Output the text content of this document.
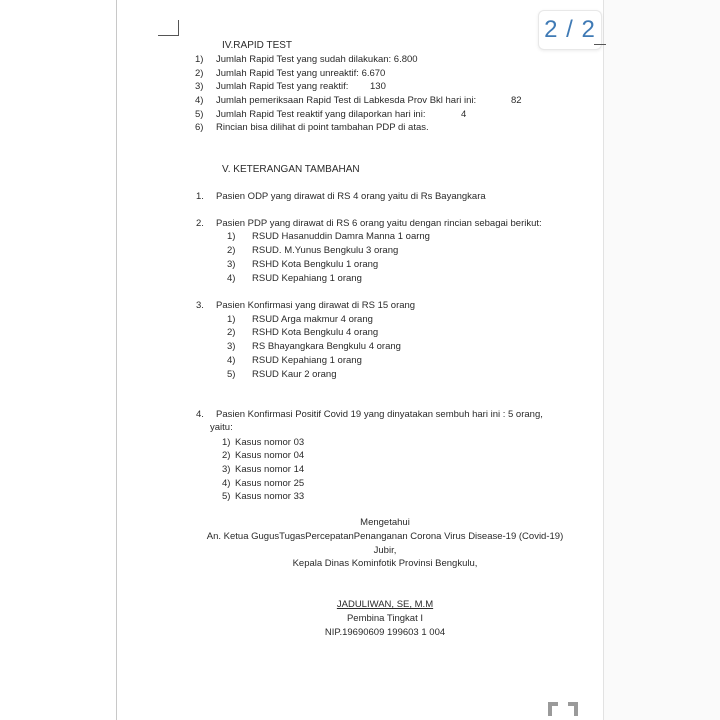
2 / 2
IV.RAPID TEST
1) Jumlah Rapid Test yang sudah dilakukan: 6.800
2) Jumlah Rapid Test yang unreaktif: 6.670
3) Jumlah Rapid Test yang reaktif: 130
4) Jumlah pemeriksaan Rapid Test di Labkesda Prov Bkl hari ini:	82
5) Jumlah Rapid Test reaktif yang dilaporkan hari ini:	4
6) Rincian bisa dilihat di point tambahan PDP di atas.
V. KETERANGAN TAMBAHAN
1. Pasien ODP yang dirawat di RS 4 orang yaitu di Rs Bayangkara
2. Pasien PDP yang dirawat di RS 6 orang yaitu dengan rincian sebagai berikut:
1) RSUD Hasanuddin Damra Manna 1 oarng
2) RSUD. M.Yunus Bengkulu 3 orang
3) RSHD Kota Bengkulu 1 orang
4) RSUD Kepahiang 1 orang
3. Pasien Konfirmasi yang dirawat di RS 15 orang
1) RSUD Arga makmur 4 orang
2) RSHD Kota Bengkulu 4 orang
3) RS Bhayangkara Bengkulu 4 orang
4) RSUD Kepahiang 1 orang
5) RSUD Kaur 2 orang
4. Pasien Konfirmasi Positif Covid 19 yang dinyatakan sembuh hari ini : 5 orang,
yaitu:
1) Kasus nomor 03
2) Kasus nomor 04
3) Kasus nomor 14
4) Kasus nomor 25
5) Kasus nomor 33
Mengetahui
An. Ketua GugusTugasPercepatanPenanganan Corona Virus Disease-19 (Covid-19)
Jubir,
Kepala Dinas Kominfotik Provinsi Bengkulu,
JADULIWAN, SE, M.M
Pembina Tingkat I
NIP.19690609 199603 1 004
